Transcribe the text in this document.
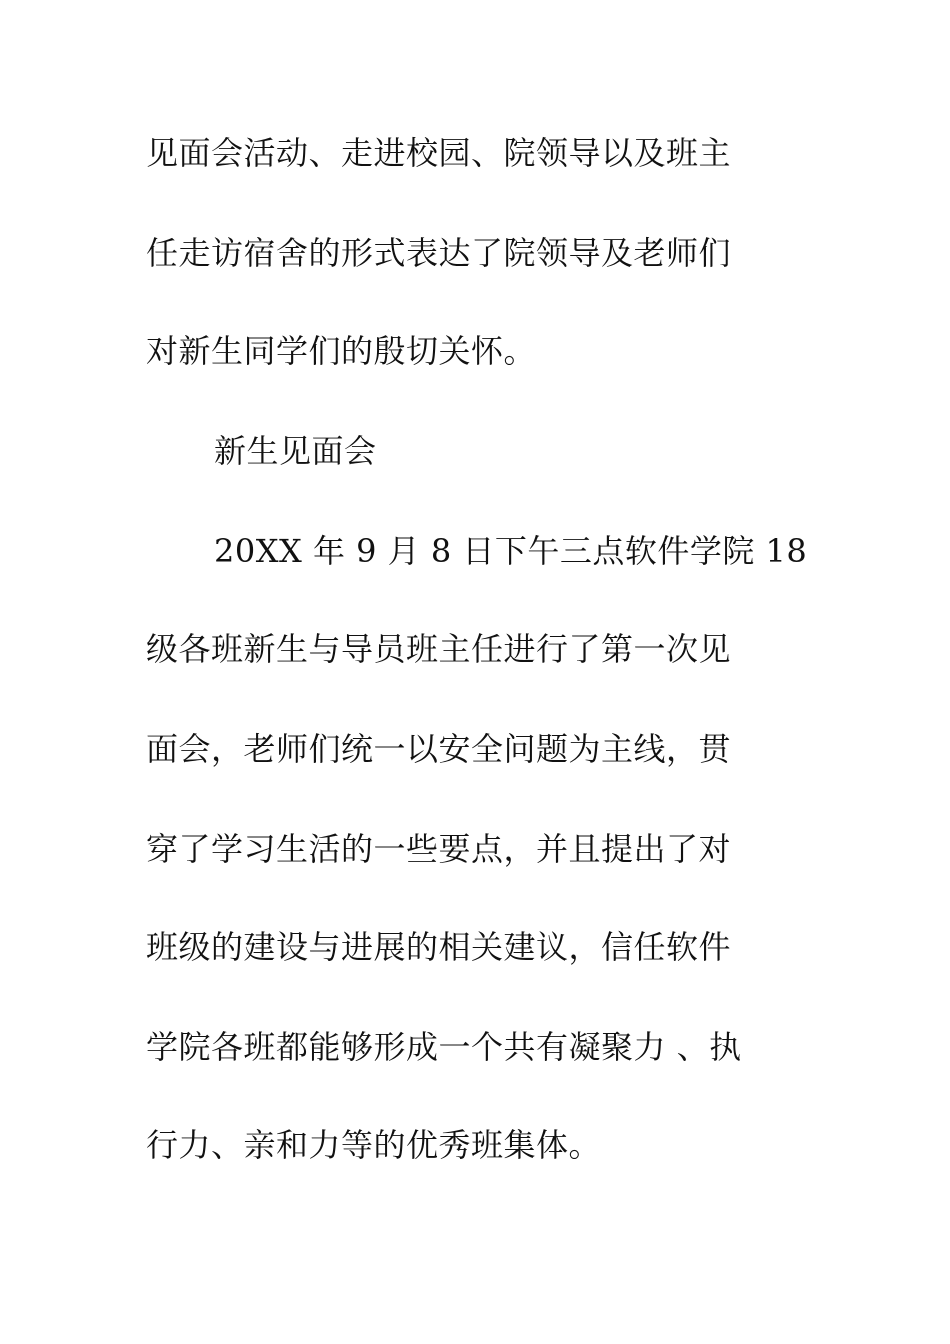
见面会活动、走进校园、院领导以及班主
任走访宿舍的形式表达了院领导及老师们
对新生同学们的殷切关怀。
新生见面会
20XX 年 9 月 8 日下午三点软件学院 18
级各班新生与导员班主任进行了第一次见
面会，老师们统一以安全问题为主线，贯
穿了学习生活的一些要点，并且提出了对
班级的建设与进展的相关建议，信任软件
学院各班都能够形成一个共有凝聚力 、执
行力、亲和力等的优秀班集体。
